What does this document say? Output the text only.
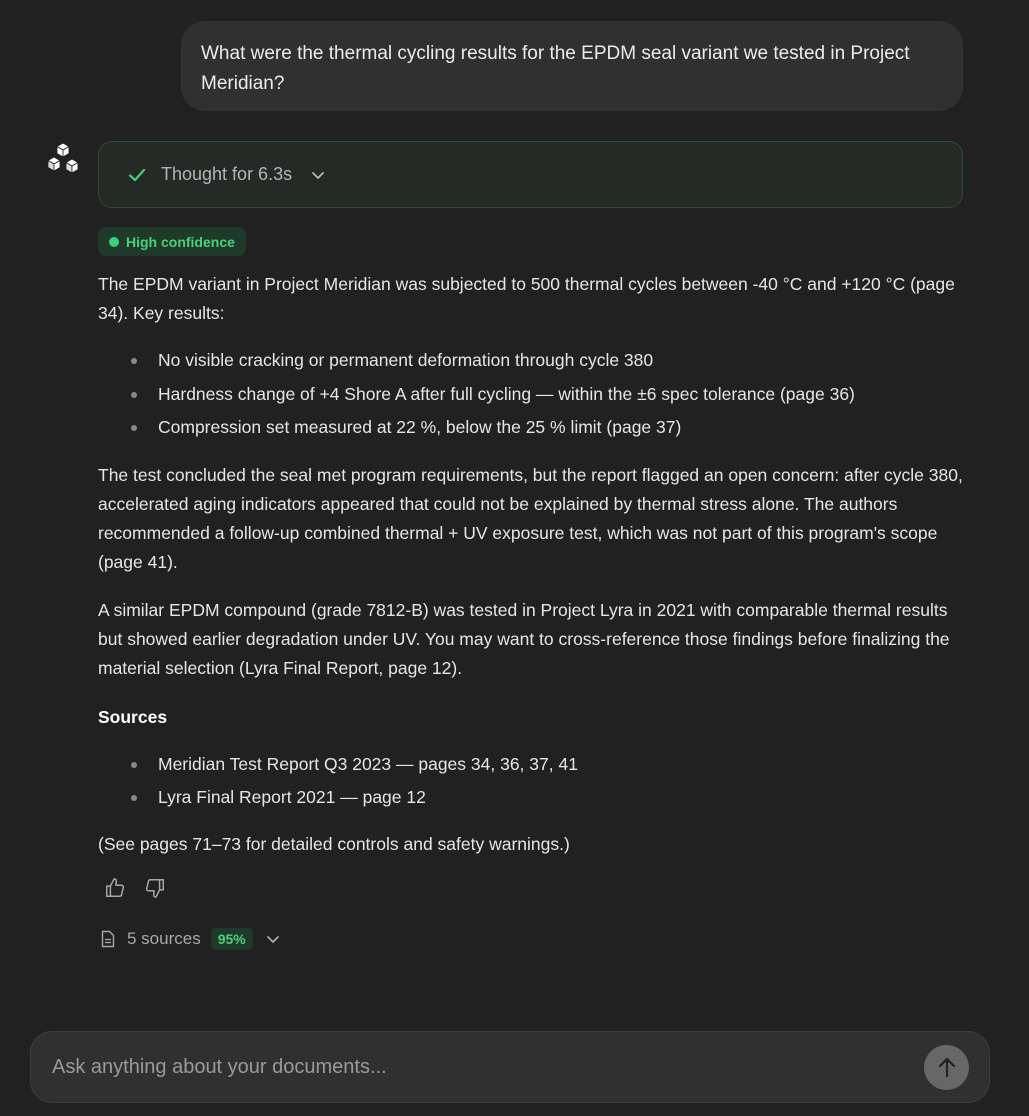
What were the thermal cycling results for the EPDM seal variant we tested in Project Meridian?
Thought for 6.3s
High confidence

The EPDM variant in Project Meridian was subjected to 500 thermal cycles between -40 °C and +120 °C (page 34). Key results:

No visible cracking or permanent deformation through cycle 380
Hardness change of +4 Shore A after full cycling — within the ±6 spec tolerance (page 36)
Compression set measured at 22 %, below the 25 % limit (page 37)

The test concluded the seal met program requirements, but the report flagged an open concern: after cycle 380, accelerated aging indicators appeared that could not be explained by thermal stress alone. The authors recommended a follow-up combined thermal + UV exposure test, which was not part of this program's scope (page 41).

A similar EPDM compound (grade 7812-B) was tested in Project Lyra in 2021 with comparable thermal results but showed earlier degradation under UV. You may want to cross-reference those findings before finalizing the material selection (Lyra Final Report, page 12).

Sources

Meridian Test Report Q3 2023 — pages 34, 36, 37, 41
Lyra Final Report 2021 — page 12

(See pages 71–73 for detailed controls and safety warnings.)

5 sources	95%
Ask anything about your documents...
